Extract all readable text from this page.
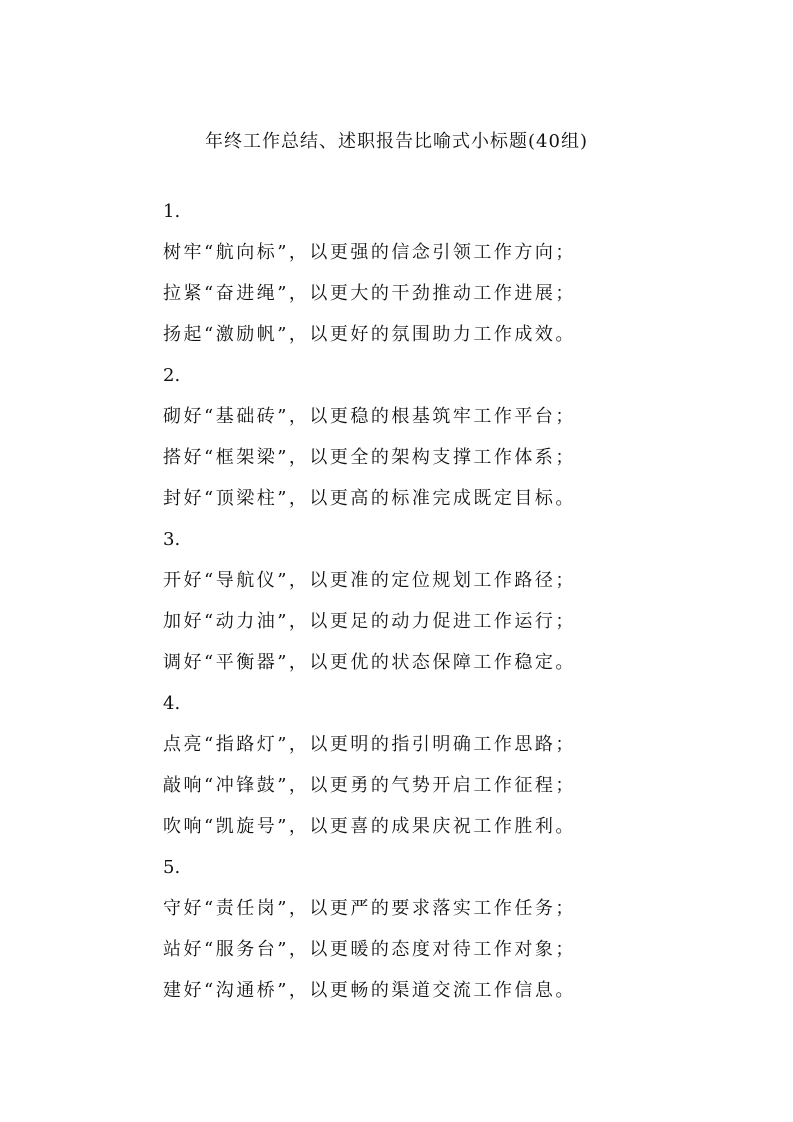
年终工作总结、述职报告比喻式小标题(40组)
1.
树牢“航向标”，以更强的信念引领工作方向；
拉紧“奋进绳”，以更大的干劲推动工作进展；
扬起“激励帆”，以更好的氛围助力工作成效。
2.
砌好“基础砖”，以更稳的根基筑牢工作平台；
搭好“框架梁”，以更全的架构支撑工作体系；
封好“顶梁柱”，以更高的标准完成既定目标。
3.
开好“导航仪”，以更准的定位规划工作路径；
加好“动力油”，以更足的动力促进工作运行；
调好“平衡器”，以更优的状态保障工作稳定。
4.
点亮“指路灯”，以更明的指引明确工作思路；
敲响“冲锋鼓”，以更勇的气势开启工作征程；
吹响“凯旋号”，以更喜的成果庆祝工作胜利。
5.
守好“责任岗”，以更严的要求落实工作任务；
站好“服务台”，以更暖的态度对待工作对象；
建好“沟通桥”，以更畅的渠道交流工作信息。
